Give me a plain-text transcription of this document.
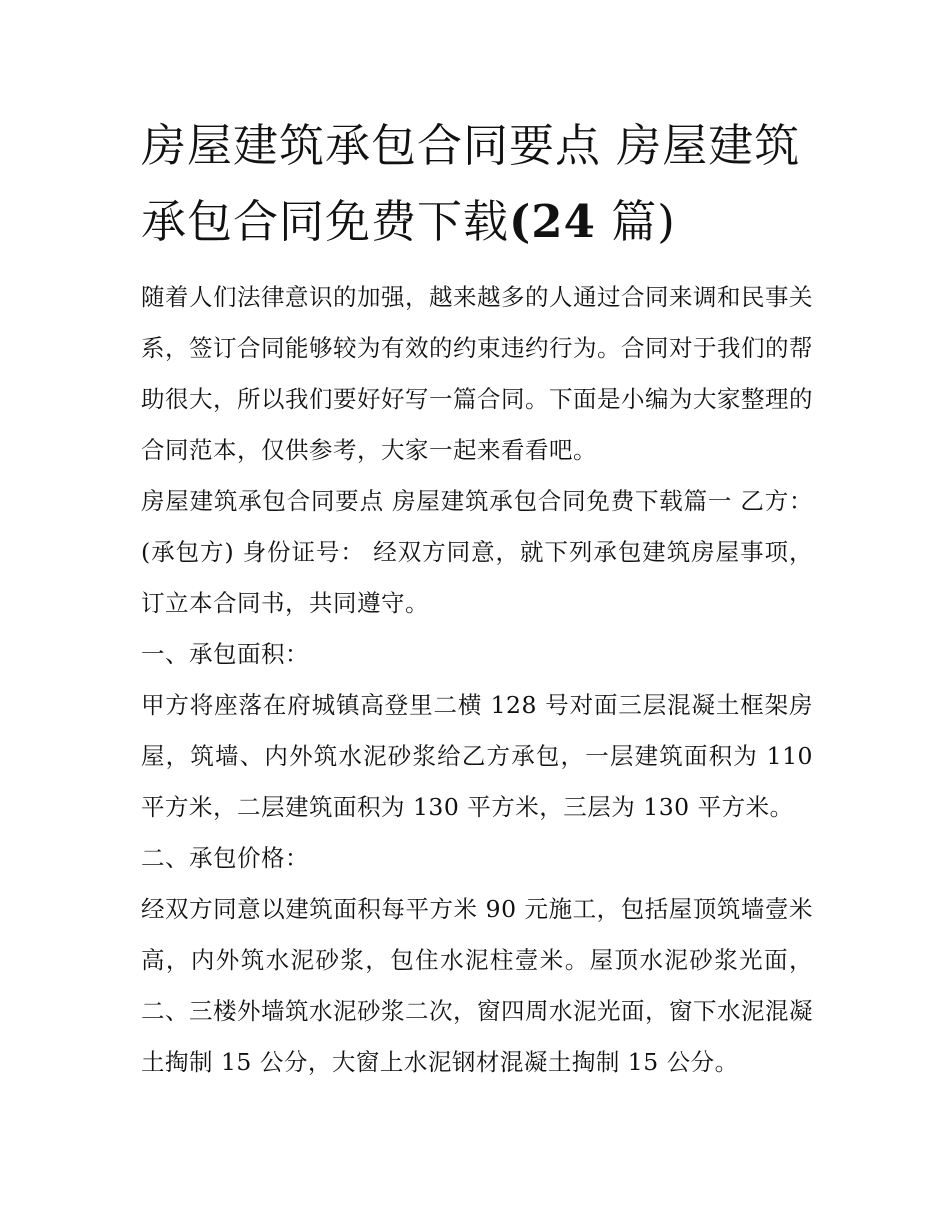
房屋建筑承包合同要点 房屋建筑承包合同免费下载(24 篇)

随着人们法律意识的加强，越来越多的人通过合同来调和民事关系，签订合同能够较为有效的约束违约行为。合同对于我们的帮助很大，所以我们要好好写一篇合同。下面是小编为大家整理的合同范本，仅供参考，大家一起来看看吧。

房屋建筑承包合同要点 房屋建筑承包合同免费下载篇一 乙方：(承包方) 身份证号： 经双方同意，就下列承包建筑房屋事项，订立本合同书，共同遵守。

一、承包面积：

甲方将座落在府城镇高登里二横 128 号对面三层混凝土框架房屋，筑墙、内外筑水泥砂浆给乙方承包，一层建筑面积为 110 平方米，二层建筑面积为 130 平方米，三层为 130 平方米。

二、承包价格：

经双方同意以建筑面积每平方米 90 元施工，包括屋顶筑墙壹米高，内外筑水泥砂浆，包住水泥柱壹米。屋顶水泥砂浆光面，二、三楼外墙筑水泥砂浆二次，窗四周水泥光面，窗下水泥混凝土掏制 15 公分，大窗上水泥钢材混凝土掏制 15 公分。
